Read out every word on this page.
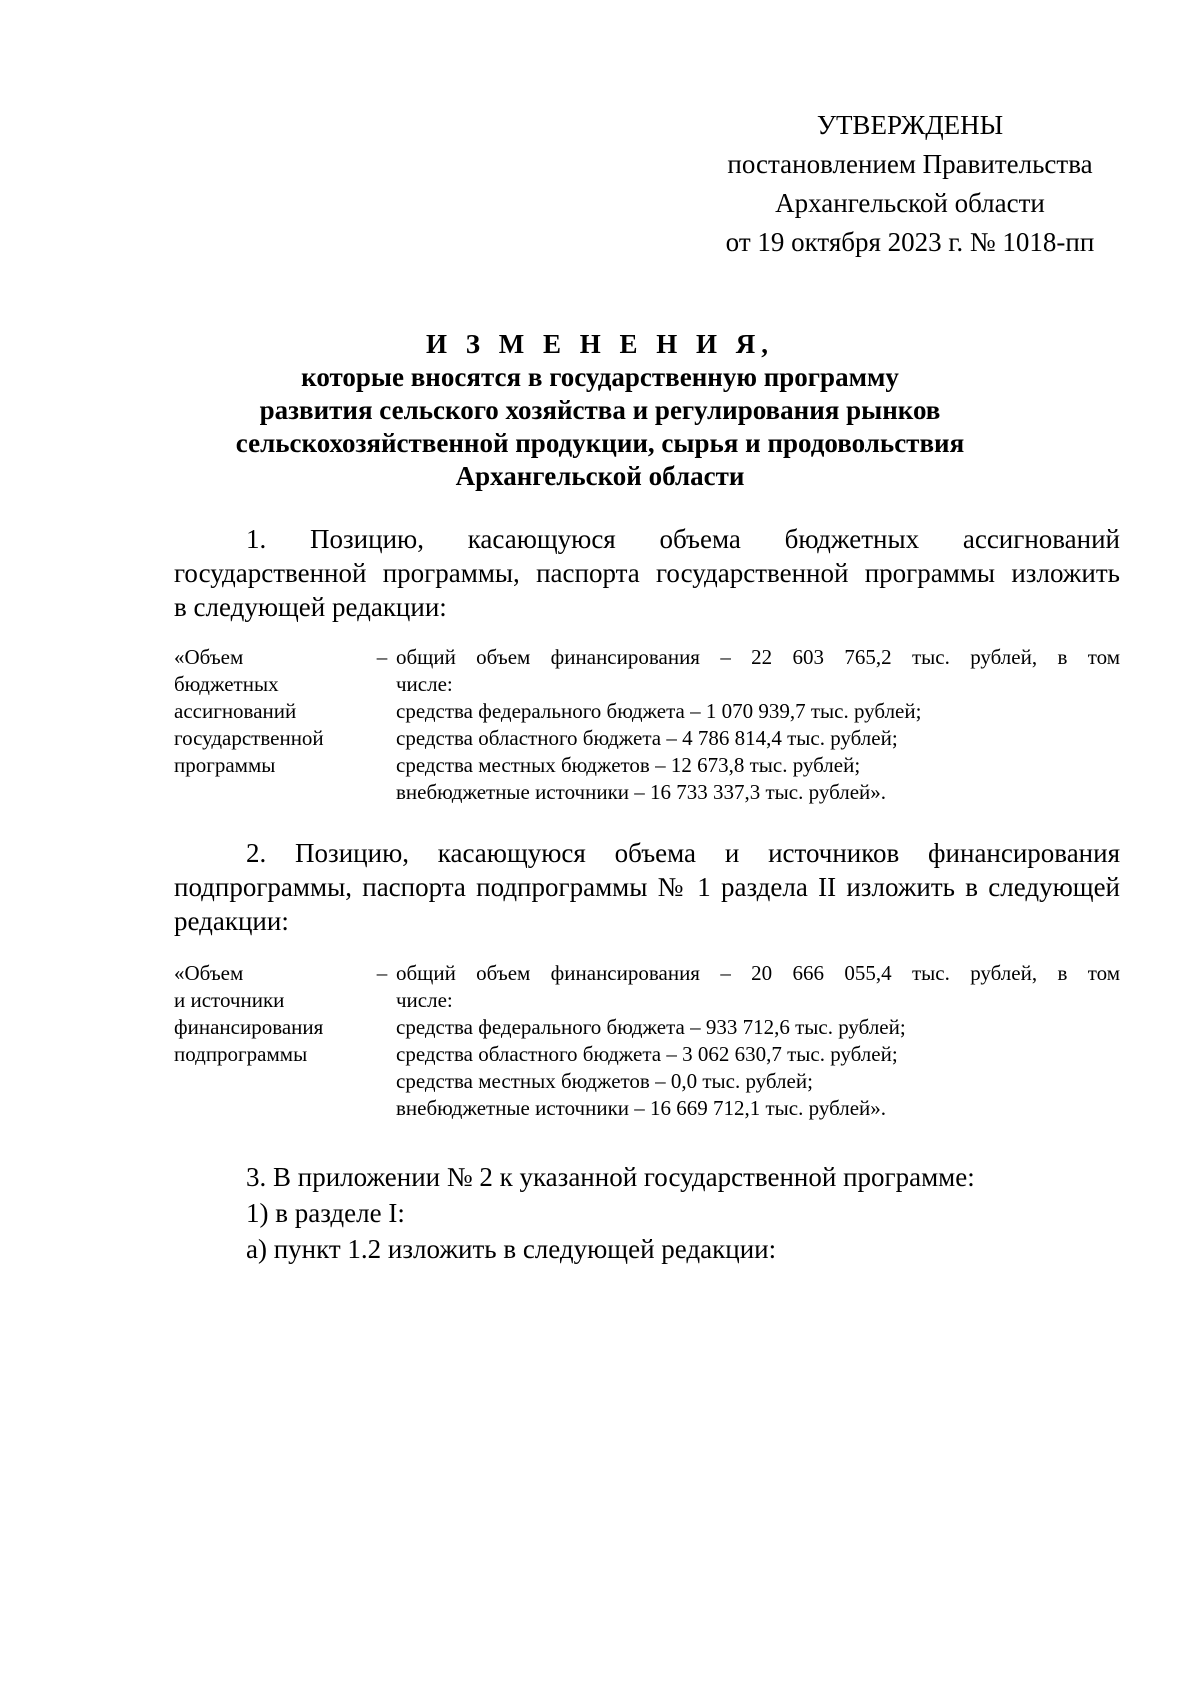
УТВЕРЖДЕНЫ
постановлением Правительства
Архангельской области
от 19 октября 2023 г. № 1018-пп
И З М Е Н Е Н И Я,
которые вносятся в государственную программу
развития сельского хозяйства и регулирования рынков
сельскохозяйственной продукции, сырья и продовольствия
Архангельской области
1. Позицию, касающуюся объема бюджетных ассигнований
государственной программы, паспорта государственной программы изложить
в следующей редакции:
«Объем
бюджетных
ассигнований
государственной
программы
– общий объем финансирования – 22 603 765,2 тыс. рублей, в том
числе:
средства федерального бюджета – 1 070 939,7 тыс. рублей;
средства областного бюджета – 4 786 814,4 тыс. рублей;
средства местных бюджетов – 12 673,8 тыс. рублей;
внебюджетные источники – 16 733 337,3 тыс. рублей».
2. Позицию, касающуюся объема и источников финансирования
подпрограммы, паспорта подпрограммы № 1 раздела II изложить в следующей
редакции:
«Объем
и источники
финансирования
подпрограммы
– общий объем финансирования – 20 666 055,4 тыс. рублей, в том
числе:
средства федерального бюджета – 933 712,6 тыс. рублей;
средства областного бюджета – 3 062 630,7 тыс. рублей;
средства местных бюджетов – 0,0 тыс. рублей;
внебюджетные источники – 16 669 712,1 тыс. рублей».
3. В приложении № 2 к указанной государственной программе:
1) в разделе I:
а) пункт 1.2 изложить в следующей редакции:
